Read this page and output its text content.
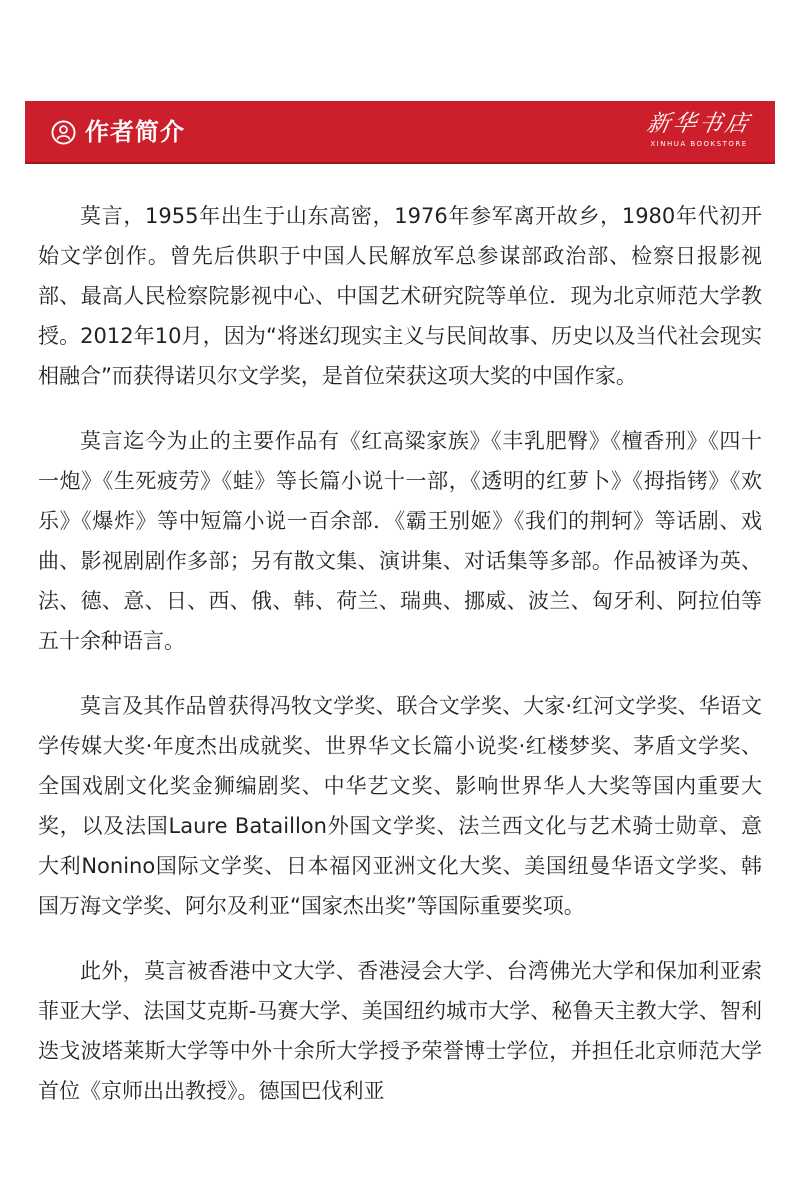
作者简介	新华书店
XINHUA BOOKSTORE

莫言，1955年出生于山东高密，1976年参军离开故乡，1980年代初开始文学创作。曾先后供职于中国人民解放军总参谋部政治部、检察日报影视部、最高人民检察院影视中心、中国艺术研究院等单位．现为北京师范大学教授。2012年10月，因为“将迷幻现实主义与民间故事、历史以及当代社会现实相融合”而获得诺贝尔文学奖，是首位荣获这项大奖的中国作家。

莫言迄今为止的主要作品有《红高粱家族》《丰乳肥臀》《檀香刑》《四十一炮》《生死疲劳》《蛙》等长篇小说十一部，《透明的红萝卜》《拇指铐》《欢乐》《爆炸》等中短篇小说一百余部．《霸王别姬》《我们的荆轲》等话剧、戏曲、影视剧剧作多部；另有散文集、演讲集、对话集等多部。作品被译为英、法、德、意、日、西、俄、韩、荷兰、瑞典、挪威、波兰、匈牙利、阿拉伯等五十余种语言。

莫言及其作品曾获得冯牧文学奖、联合文学奖、大家·红河文学奖、华语文学传媒大奖·年度杰出成就奖、世界华文长篇小说奖·红楼梦奖、茅盾文学奖、全国戏剧文化奖金狮编剧奖、中华艺文奖、影响世界华人大奖等国内重要大奖，以及法国Laure Bataillon外国文学奖、法兰西文化与艺术骑士勋章、意大利Nonino国际文学奖、日本福冈亚洲文化大奖、美国纽曼华语文学奖、韩国万海文学奖、阿尔及利亚“国家杰出奖”等国际重要奖项。

此外，莫言被香港中文大学、香港浸会大学、台湾佛光大学和保加利亚索菲亚大学、法国艾克斯-马赛大学、美国纽约城市大学、秘鲁天主教大学、智利迭戈波塔莱斯大学等中外十余所大学授予荣誉博士学位，并担任北京师范大学首位《京师出出教授》。德国巴伐利亚
